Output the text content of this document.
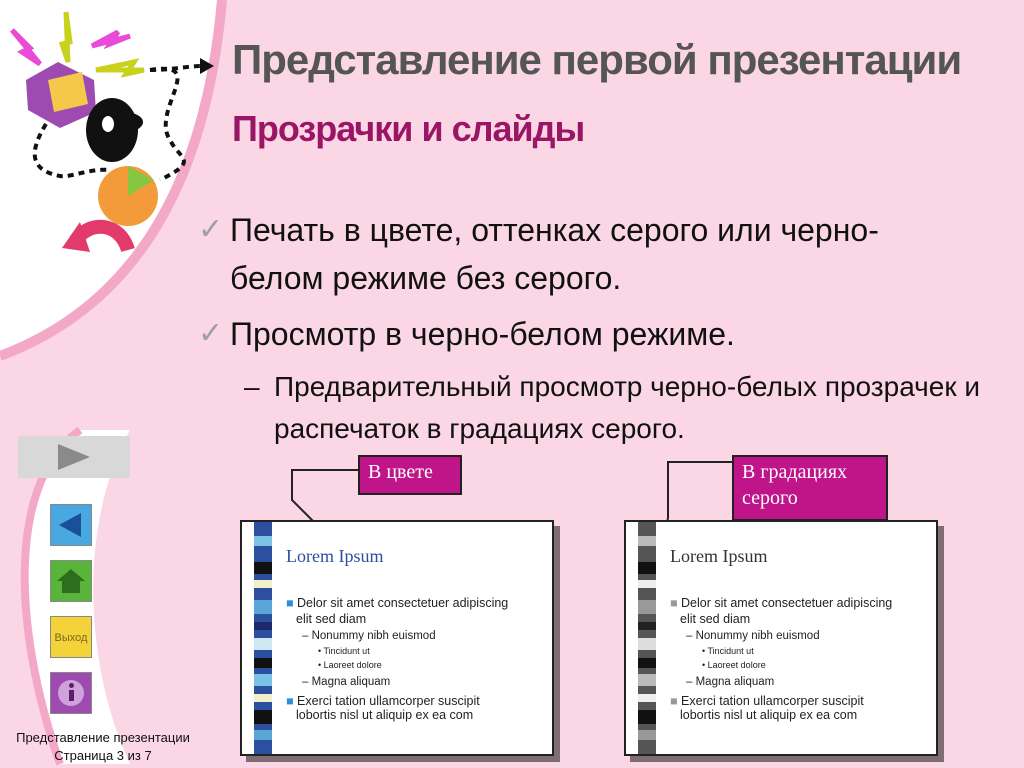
Представление первой презентации
Прозрачки и слайды
✓ Печать в цвете, оттенках серого или черно-белом режиме без серого.
✓ Просмотр в черно-белом режиме.
– Предварительный просмотр черно-белых прозрачек и распечаток в градациях серого.
В цвете	В градациях серого
Lorem Ipsum
■ Delor sit amet consectetuer adipiscing
elit sed diam
– Nonummy nibh euismod
• Tincidunt ut
• Laoreet dolore
– Magna aliquam
■ Exerci tation ullamcorper suscipit
lobortis nisl ut aliquip ex ea com
Lorem Ipsum
■ Delor sit amet consectetuer adipiscing
elit sed diam
– Nonummy nibh euismod
• Tincidunt ut
• Laoreet dolore
– Magna aliquam
■ Exerci tation ullamcorper suscipit
lobortis nisl ut aliquip ex ea com
Выход
Представление презентации
Страница 3 из 7
